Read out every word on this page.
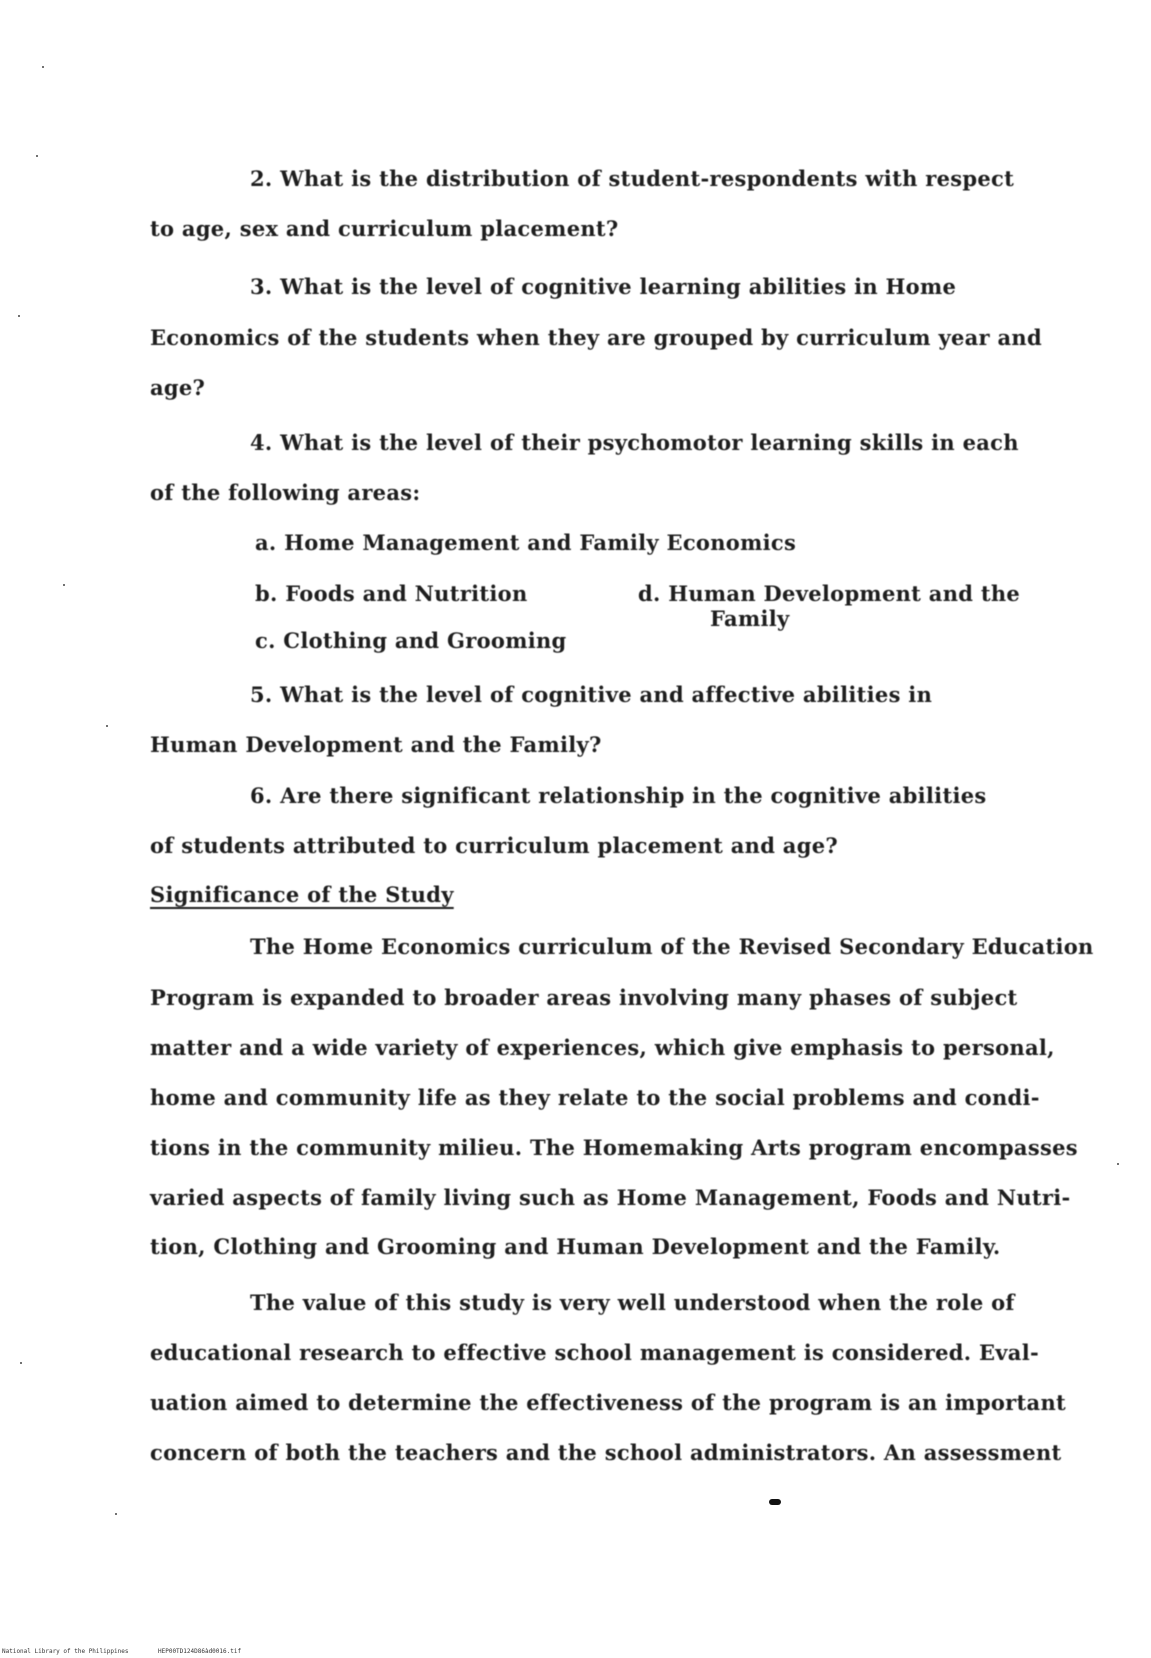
2. What is the distribution of student-respondents with respect
to age, sex and curriculum placement?
3. What is the level of cognitive learning abilities in Home
Economics of the students when they are grouped by curriculum year and
age?
4. What is the level of their psychomotor learning skills in each
of the following areas:
a. Home Management and Family Economics
b. Foods and Nutrition	d. Human Development and the
Family
c. Clothing and Grooming
5. What is the level of cognitive and affective abilities in
Human Development and the Family?
6. Are there significant relationship in the cognitive abilities
of students attributed to curriculum placement and age?
Significance of the Study
The Home Economics curriculum of the Revised Secondary Education
Program is expanded to broader areas involving many phases of subject
matter and a wide variety of experiences, which give emphasis to personal,
home and community life as they relate to the social problems and condi-
tions in the community milieu. The Homemaking Arts program encompasses
varied aspects of family living such as Home Management, Foods and Nutri-
tion, Clothing and Grooming and Human Development and the Family.
The value of this study is very well understood when the role of
educational research to effective school management is considered. Eval-
uation aimed to determine the effectiveness of the program is an important
concern of both the teachers and the school administrators. An assessment
National Library of the Philippines	HEP00TD124D86àd0016.tif
